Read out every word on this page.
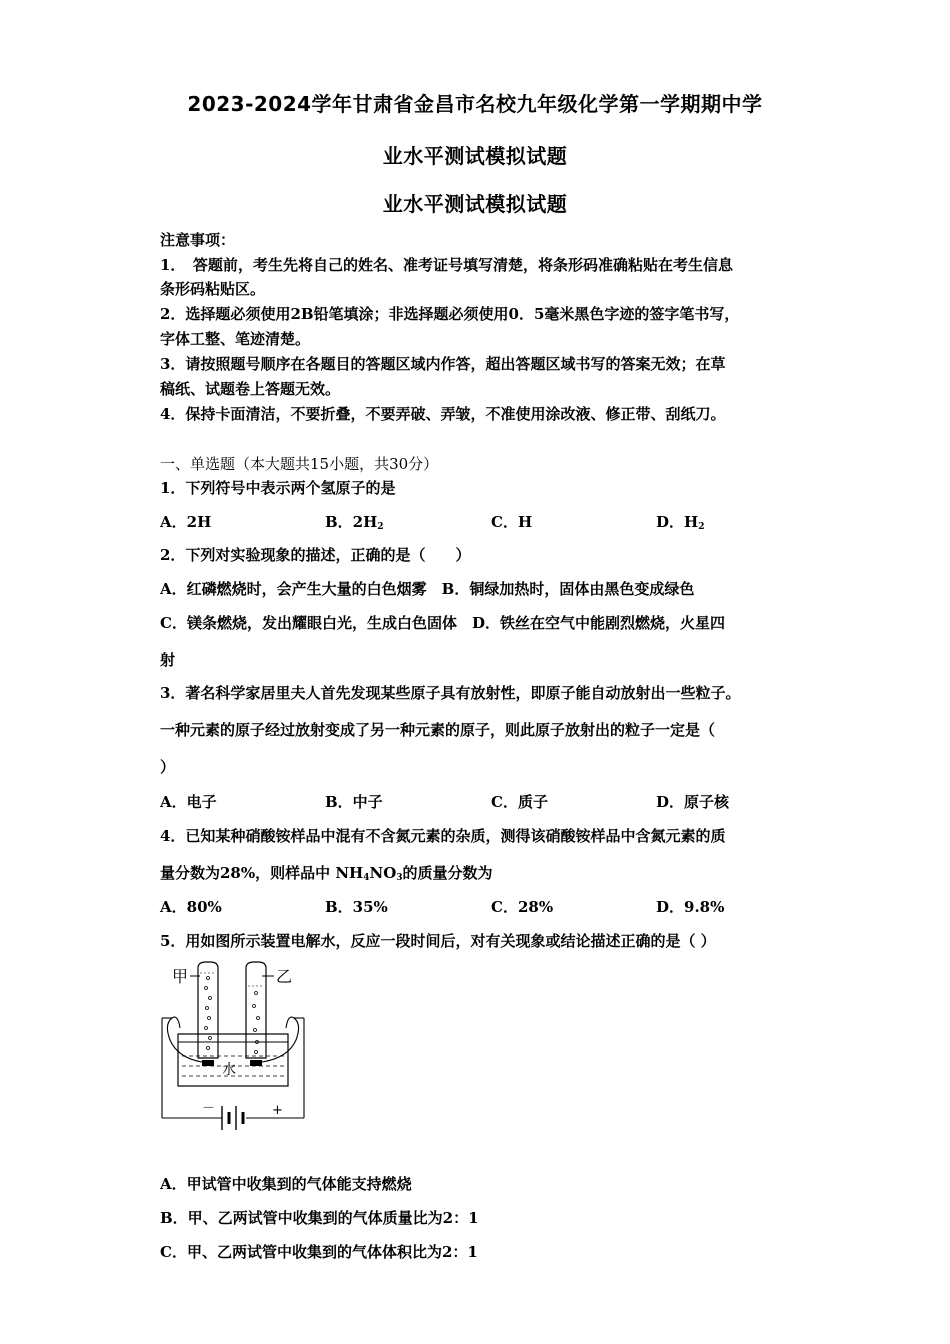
2023-2024学年甘肃省金昌市名校九年级化学第一学期期中学
业水平测试模拟试题
业水平测试模拟试题
注意事项：
1．　答题前，考生先将自己的姓名、准考证号填写清楚，将条形码准确粘贴在考生信息
条形码粘贴区。
2．选择题必须使用2B铅笔填涂；非选择题必须使用0．5毫米黑色字迹的签字笔书写，
字体工整、笔迹清楚。
3．请按照题号顺序在各题目的答题区域内作答，超出答题区域书写的答案无效；在草
稿纸、试题卷上答题无效。
4．保持卡面清洁，不要折叠，不要弄破、弄皱，不准使用涂改液、修正带、刮纸刀。
一、单选题（本大题共15小题，共30分）
1．下列符号中表示两个氢原子的是
A．2H	B．$2H_2$	C．H	D．$H_2$
2．下列对实验现象的描述，正确的是（　　）
A．红磷燃烧时，会产生大量的白色烟雾　B．铜绿加热时，固体由黑色变成绿色
C．镁条燃烧，发出耀眼白光，生成白色固体　D．铁丝在空气中能剧烈燃烧，火星四
射
3．著名科学家居里夫人首先发现某些原子具有放射性，即原子能自动放射出一些粒子。
一种元素的原子经过放射变成了另一种元素的原子，则此原子放射出的粒子一定是（
）
A．电子	B．中子	C．质子	D．原子核
4．已知某种硝酸铵样品中混有不含氮元素的杂质，测得该硝酸铵样品中含氮元素的质
量分数为28%，则样品中 $NH_4NO_3$的质量分数为
A．80%	B．35%	C．28%	D．9.8%
5．用如图所示装置电解水，反应一段时间后，对有关现象或结论描述正确的是（ ）
甲	乙
水
－	+
A．甲试管中收集到的气体能支持燃烧
B．甲、乙两试管中收集到的气体质量比为2：1
C．甲、乙两试管中收集到的气体体积比为2：1
